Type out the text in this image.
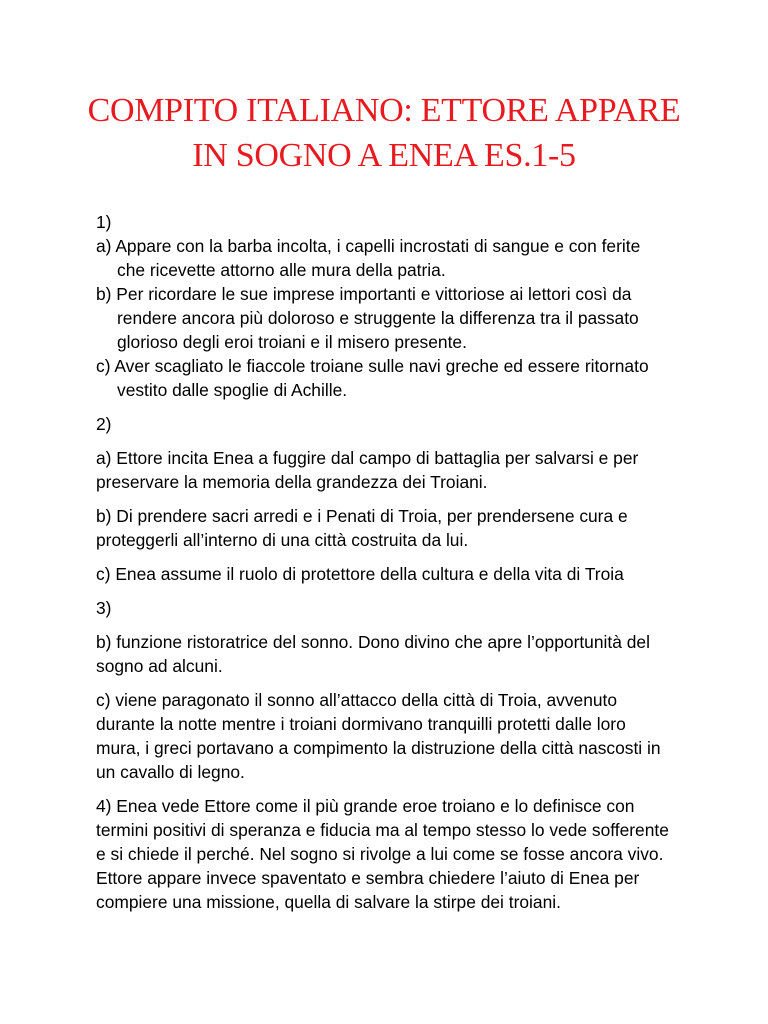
COMPITO ITALIANO: ETTORE APPARE
IN SOGNO A ENEA ES.1-5

1)

a) Appare con la barba incolta, i capelli incrostati di sangue e con ferite che ricevette attorno alle mura della patria.

b) Per ricordare le sue imprese importanti e vittoriose ai lettori così da rendere ancora più doloroso e struggente la differenza tra il passato glorioso degli eroi troiani e il misero presente.

c) Aver scagliato le fiaccole troiane sulle navi greche ed essere ritornato vestito dalle spoglie di Achille.

2)

a) Ettore incita Enea a fuggire dal campo di battaglia per salvarsi e per preservare la memoria della grandezza dei Troiani.

b) Di prendere sacri arredi e i Penati di Troia, per prendersene cura e proteggerli all’interno di una città costruita da lui.

c) Enea assume il ruolo di protettore della cultura e della vita di Troia

3)

b) funzione ristoratrice del sonno. Dono divino che apre l’opportunità del sogno ad alcuni.

c) viene paragonato il sonno all’attacco della città di Troia, avvenuto durante la notte mentre i troiani dormivano tranquilli protetti dalle loro mura, i greci portavano a compimento la distruzione della città nascosti in un cavallo di legno.

4) Enea vede Ettore come il più grande eroe troiano e lo definisce con termini positivi di speranza e fiducia ma al tempo stesso lo vede sofferente e si chiede il perché. Nel sogno si rivolge a lui come se fosse ancora vivo. Ettore appare invece spaventato e sembra chiedere l’aiuto di Enea per compiere una missione, quella di salvare la stirpe dei troiani.
